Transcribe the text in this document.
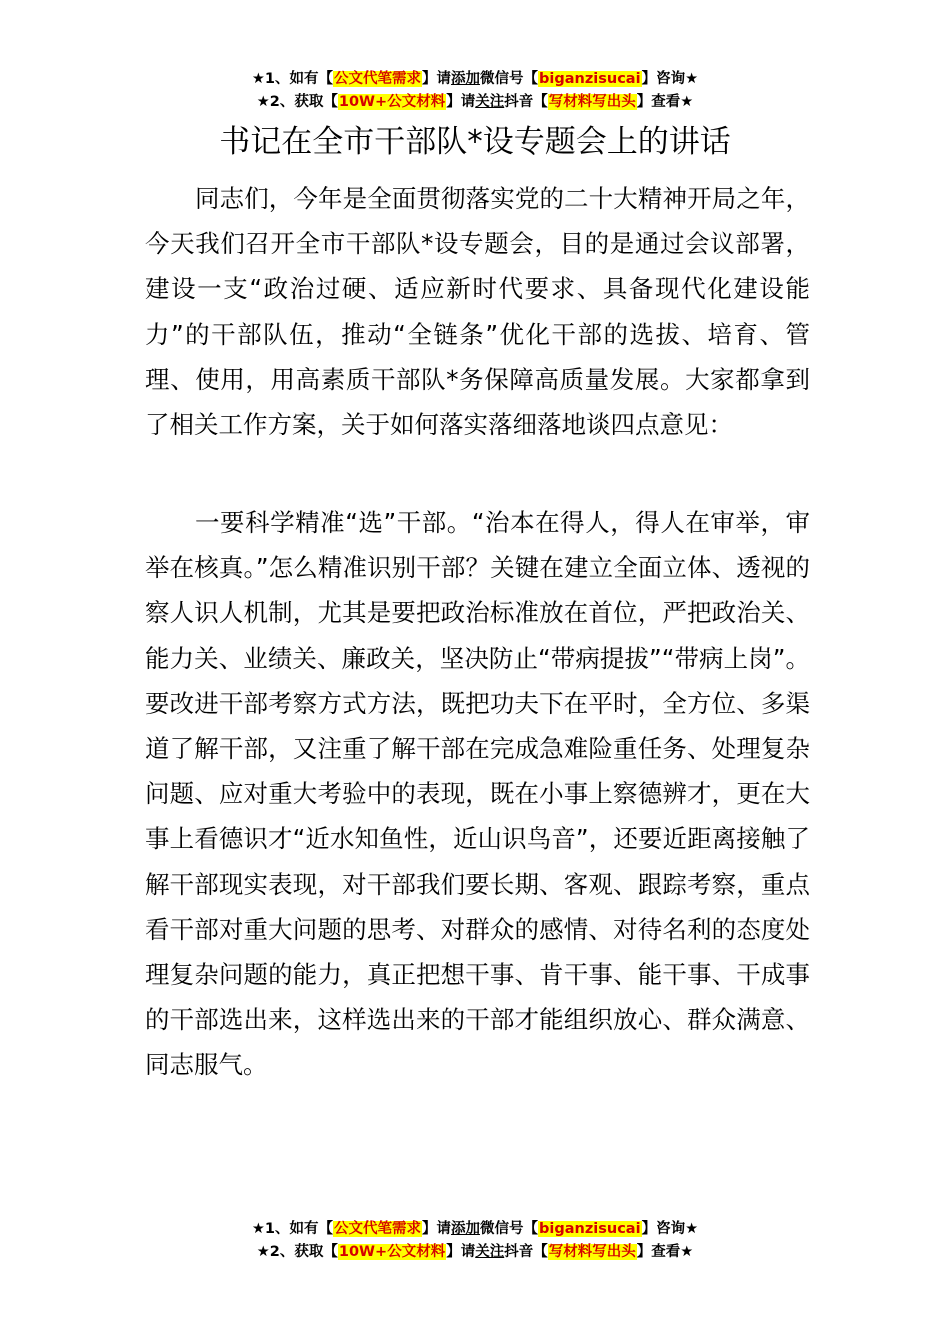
★1、如有【公文代笔需求】请添加微信号【biganzisucai】咨询★
★2、获取【10W+公文材料】请关注抖音【写材料写出头】查看★
书记在全市干部队*设专题会上的讲话

同志们，今年是全面贯彻落实党的二十大精神开局之年，今天我们召开全市干部队*设专题会，目的是通过会议部署，建设一支“政治过硬、适应新时代要求、具备现代化建设能力”的干部队伍，推动“全链条”优化干部的选拔、培育、管理、使用，用高素质干部队*务保障高质量发展。大家都拿到了相关工作方案，关于如何落实落细落地谈四点意见：

一要科学精准“选”干部。“治本在得人，得人在审举，审举在核真。”怎么精准识别干部？关键在建立全面立体、透视的察人识人机制，尤其是要把政治标准放在首位，严把政治关、能力关、业绩关、廉政关，坚决防止“带病提拔”“带病上岗”。要改进干部考察方式方法，既把功夫下在平时，全方位、多渠道了解干部，又注重了解干部在完成急难险重任务、处理复杂问题、应对重大考验中的表现，既在小事上察德辨才，更在大事上看德识才“近水知鱼性，近山识鸟音”，还要近距离接触了解干部现实表现，对干部我们要长期、客观、跟踪考察，重点看干部对重大问题的思考、对群众的感情、对待名利的态度处理复杂问题的能力，真正把想干事、肯干事、能干事、干成事的干部选出来，这样选出来的干部才能组织放心、群众满意、同志服气。

★1、如有【公文代笔需求】请添加微信号【biganzisucai】咨询★
★2、获取【10W+公文材料】请关注抖音【写材料写出头】查看★
